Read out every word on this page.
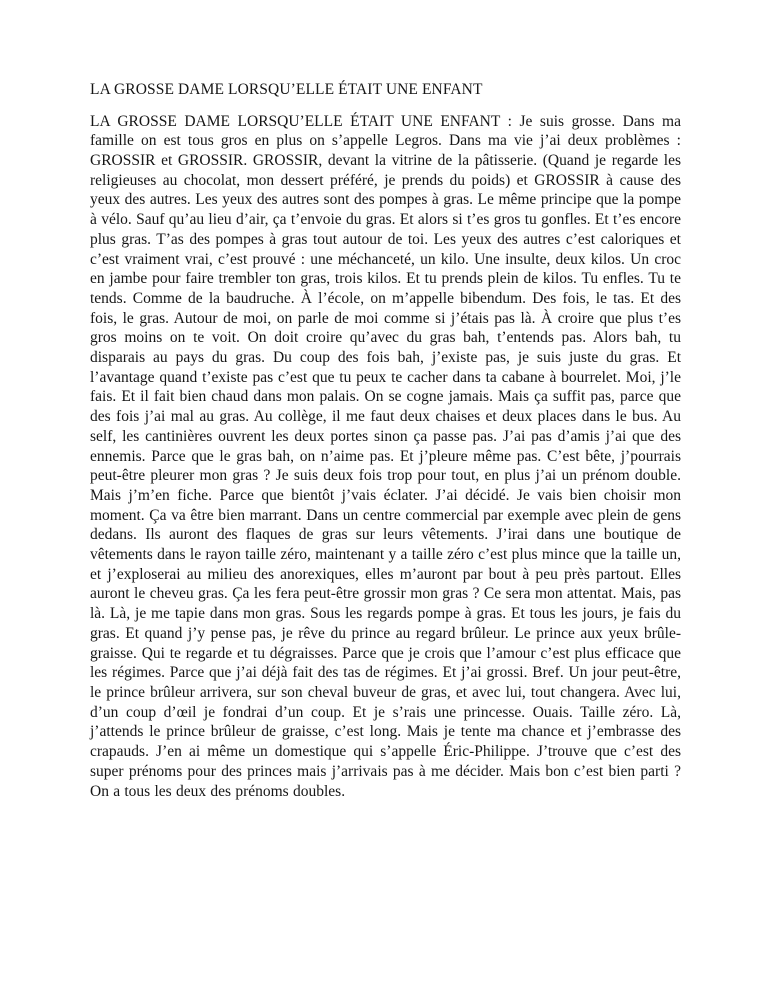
LA GROSSE DAME LORSQU’ELLE ÉTAIT UNE ENFANT

LA GROSSE DAME LORSQU’ELLE ÉTAIT UNE ENFANT : Je suis grosse. Dans ma famille on est tous gros en plus on s’appelle Legros. Dans ma vie j’ai deux problèmes : GROSSIR et GROSSIR. GROSSIR, devant la vitrine de la pâtisserie. (Quand je regarde les religieuses au chocolat, mon dessert préféré, je prends du poids) et GROSSIR à cause des yeux des autres. Les yeux des autres sont des pompes à gras. Le même principe que la pompe à vélo. Sauf qu’au lieu d’air, ça t’envoie du gras. Et alors si t’es gros tu gonfles. Et t’es encore plus gras. T’as des pompes à gras tout autour de toi. Les yeux des autres c’est caloriques et c’est vraiment vrai, c’est prouvé : une méchanceté, un kilo. Une insulte, deux kilos. Un croc en jambe pour faire trembler ton gras, trois kilos. Et tu prends plein de kilos. Tu enfles. Tu te tends. Comme de la baudruche. À l’école, on m’appelle bibendum. Des fois, le tas. Et des fois, le gras. Autour de moi, on parle de moi comme si j’étais pas là. À croire que plus t’es gros moins on te voit. On doit croire qu’avec du gras bah, t’entends pas. Alors bah, tu disparais au pays du gras. Du coup des fois bah, j’existe pas, je suis juste du gras. Et l’avantage quand t’existe pas c’est que tu peux te cacher dans ta cabane à bourrelet. Moi, j’le fais. Et il fait bien chaud dans mon palais. On se cogne jamais. Mais ça suffit pas, parce que des fois j’ai mal au gras. Au collège, il me faut deux chaises et deux places dans le bus. Au self, les cantinières ouvrent les deux portes sinon ça passe pas. J’ai pas d’amis j’ai que des ennemis. Parce que le gras bah, on n’aime pas. Et j’pleure même pas. C’est bête, j’pourrais peut-être pleurer mon gras ? Je suis deux fois trop pour tout, en plus j’ai un prénom double. Mais j’m’en fiche. Parce que bientôt j’vais éclater. J’ai décidé. Je vais bien choisir mon moment. Ça va être bien marrant. Dans un centre commercial par exemple avec plein de gens dedans. Ils auront des flaques de gras sur leurs vêtements. J’irai dans une boutique de vêtements dans le rayon taille zéro, maintenant y a taille zéro c’est plus mince que la taille un, et j’exploserai au milieu des anorexiques, elles m’auront par bout à peu près partout. Elles auront le cheveu gras. Ça les fera peut-être grossir mon gras ? Ce sera mon attentat. Mais, pas là. Là, je me tapie dans mon gras. Sous les regards pompe à gras. Et tous les jours, je fais du gras. Et quand j’y pense pas, je rêve du prince au regard brûleur. Le prince aux yeux brûle-graisse. Qui te regarde et tu dégraisses. Parce que je crois que l’amour c’est plus efficace que les régimes. Parce que j’ai déjà fait des tas de régimes. Et j’ai grossi. Bref. Un jour peut-être, le prince brûleur arrivera, sur son cheval buveur de gras, et avec lui, tout changera. Avec lui, d’un coup d’œil je fondrai d’un coup. Et je s’rais une princesse. Ouais. Taille zéro. Là, j’attends le prince brûleur de graisse, c’est long. Mais je tente ma chance et j’embrasse des crapauds. J’en ai même un domestique qui s’appelle Éric-Philippe. J’trouve que c’est des super prénoms pour des princes mais j’arrivais pas à me décider. Mais bon c’est bien parti ? On a tous les deux des prénoms doubles.
